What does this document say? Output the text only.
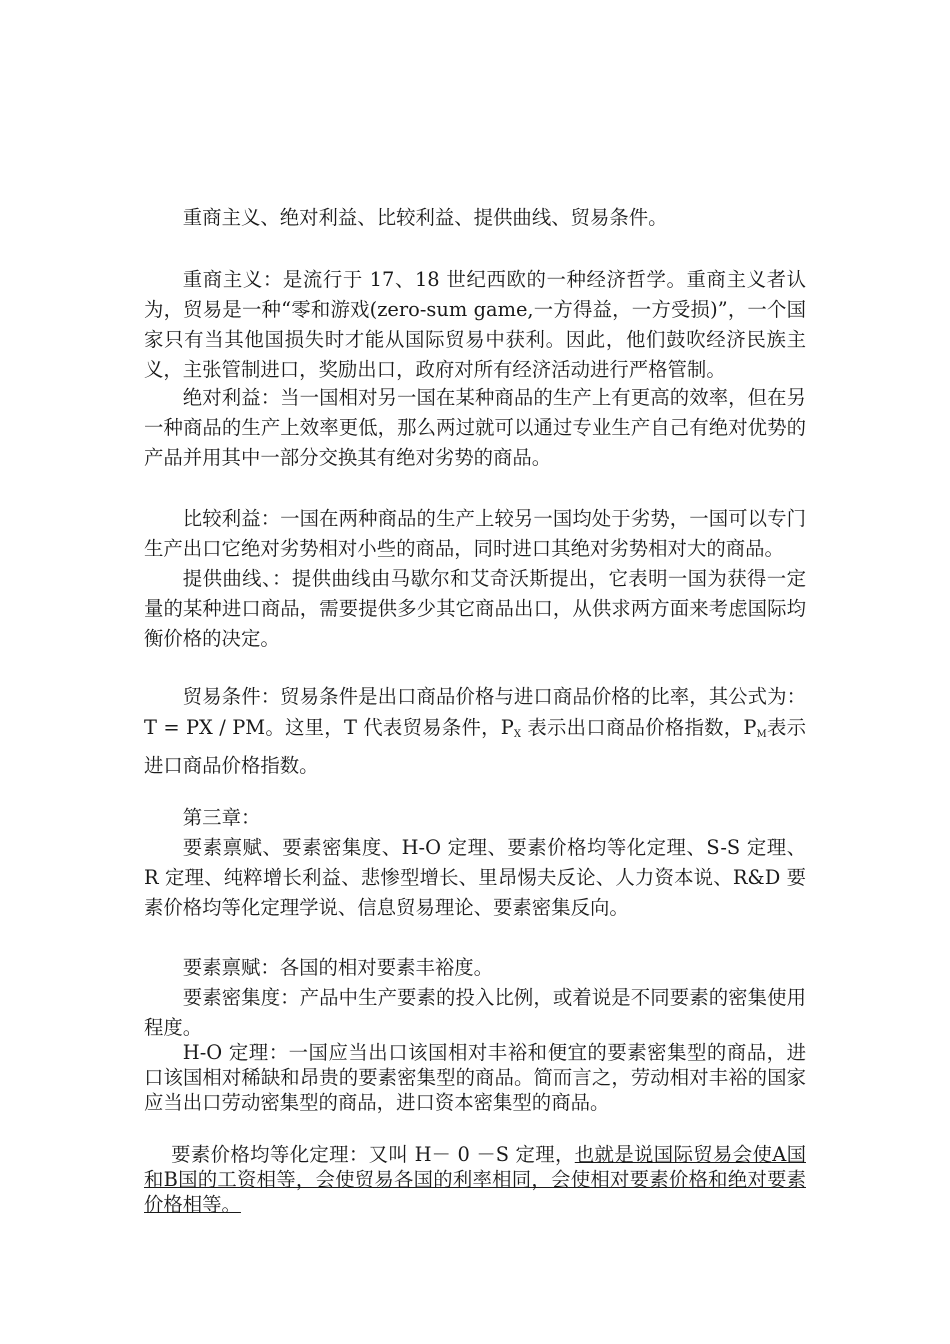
重商主义、绝对利益、比较利益、提供曲线、贸易条件。
重商主义：是流行于 17、18 世纪西欧的一种经济哲学。重商主义者认为，贸易是一种“零和游戏(zero-sum game,一方得益，一方受损)”，一个国家只有当其他国损失时才能从国际贸易中获利。因此，他们鼓吹经济民族主义，主张管制进口，奖励出口，政府对所有经济活动进行严格管制。
绝对利益：当一国相对另一国在某种商品的生产上有更高的效率，但在另一种商品的生产上效率更低，那么两过就可以通过专业生产自己有绝对优势的产品并用其中一部分交换其有绝对劣势的商品。
比较利益：一国在两种商品的生产上较另一国均处于劣势，一国可以专门生产出口它绝对劣势相对小些的商品，同时进口其绝对劣势相对大的商品。
提供曲线、：提供曲线由马歇尔和艾奇沃斯提出，它表明一国为获得一定量的某种进口商品，需要提供多少其它商品出口，从供求两方面来考虑国际均衡价格的决定。
贸易条件：贸易条件是出口商品价格与进口商品价格的比率，其公式为：T = PX / PM。这里，T 代表贸易条件，$P_X$ 表示出口商品价格指数，$P_M$表示进口商品价格指数。
第三章：
要素禀赋、要素密集度、H-O 定理、要素价格均等化定理、S-S 定理、R 定理、纯粹增长利益、悲惨型增长、里昂惕夫反论、人力资本说、R&D 要素价格均等化定理学说、信息贸易理论、要素密集反向。
要素禀赋：各国的相对要素丰裕度。
要素密集度：产品中生产要素的投入比例，或着说是不同要素的密集使用程度。
H-O 定理：一国应当出口该国相对丰裕和便宜的要素密集型的商品，进口该国相对稀缺和昂贵的要素密集型的商品。简而言之，劳动相对丰裕的国家应当出口劳动密集型的商品，进口资本密集型的商品。
要素价格均等化定理：又叫 H－ 0 －S 定理，也就是说国际贸易会使A国和B国的工资相等，会使贸易各国的利率相同，会使相对要素价格和绝对要素价格相等。
